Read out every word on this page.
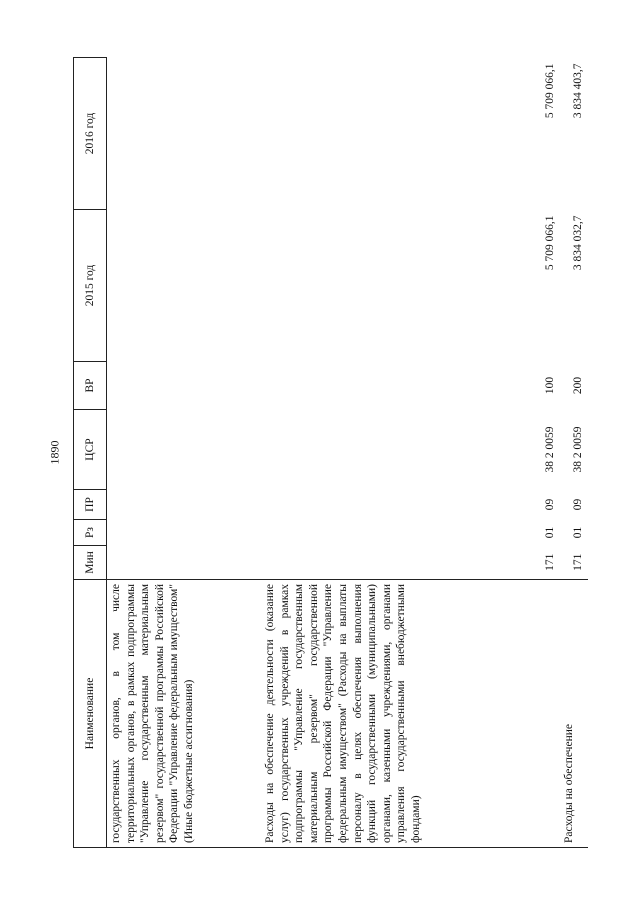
1890
Наименование	Мин	Рз	ПР	ЦСР	ВР	2015 год	2016 год
государственных органов, в том числе территориальных органов, в рамках подпрограммы "Управление государственным материальным резервом" государственной программы Российской Федерации "Управление федеральным имуществом" (Иные бюджетные ассигнования)							
Расходы на обеспечение деятельности (оказание услуг) государственных учреждений в рамках подпрограммы "Управление государственным материальным резервом" государственной программы Российской Федерации "Управление федеральным имуществом" (Расходы на выплаты персоналу в целях обеспечения выполнения функций государственными (муниципальными) органами, казенными учреждениями, органами управления государственными внебюджетными фондами)	171	01	09	38 2 0059	100	5 709 066,1	5 709 066,1
Расходы на обеспечение	171	01	09	38 2 0059	200	3 834 032,7	3 834 403,7
